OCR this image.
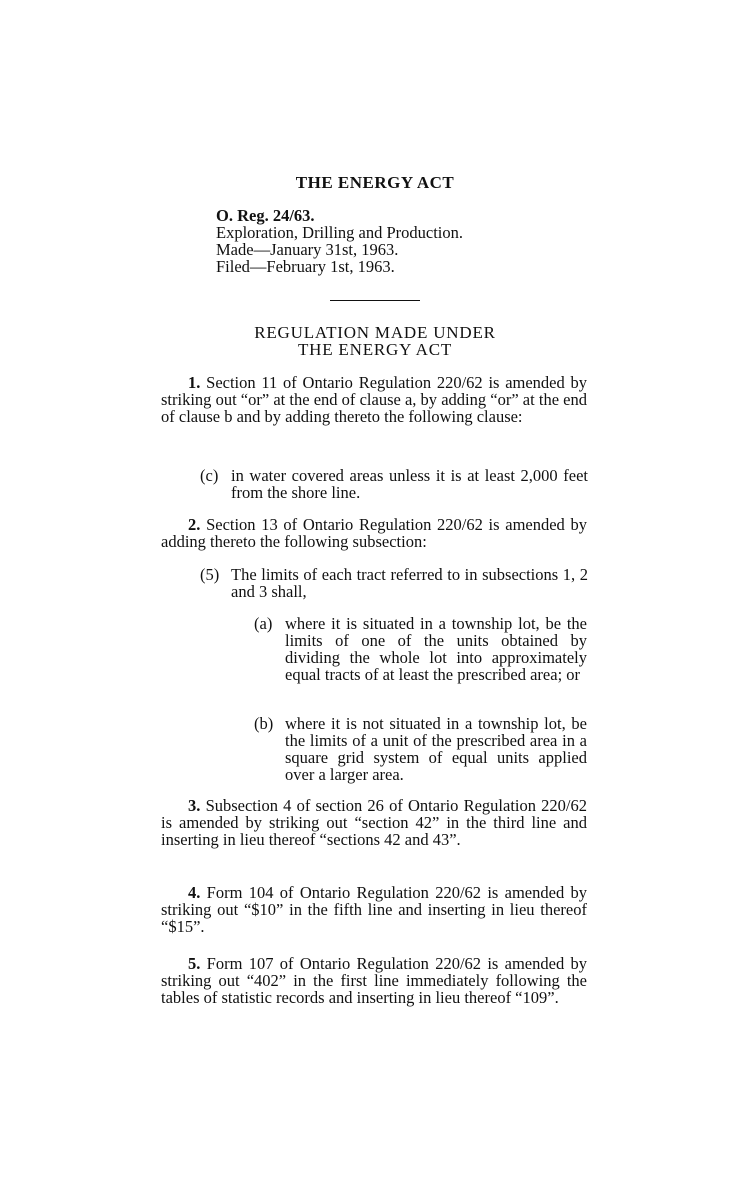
THE ENERGY ACT
O. Reg. 24/63.
Exploration, Drilling and Production.
Made—January 31st, 1963.
Filed—February 1st, 1963.
REGULATION MADE UNDER
THE ENERGY ACT
1. Section 11 of Ontario Regulation 220/62 is amended by striking out “or” at the end of clause a, by adding “or” at the end of clause b and by adding thereto the following clause:
(c) in water covered areas unless it is at least 2,000 feet from the shore line.
2. Section 13 of Ontario Regulation 220/62 is amended by adding thereto the following subsection:
(5) The limits of each tract referred to in subsections 1, 2 and 3 shall,
(a) where it is situated in a township lot, be the limits of one of the units obtained by dividing the whole lot into approximately equal tracts of at least the prescribed area; or
(b) where it is not situated in a township lot, be the limits of a unit of the prescribed area in a square grid system of equal units applied over a larger area.
3. Subsection 4 of section 26 of Ontario Regulation 220/62 is amended by striking out “section 42” in the third line and inserting in lieu thereof “sections 42 and 43”.
4. Form 104 of Ontario Regulation 220/62 is amended by striking out “$10” in the fifth line and inserting in lieu thereof “$15”.
5. Form 107 of Ontario Regulation 220/62 is amended by striking out “402” in the first line immediately following the tables of statistic records and inserting in lieu thereof “109”.
